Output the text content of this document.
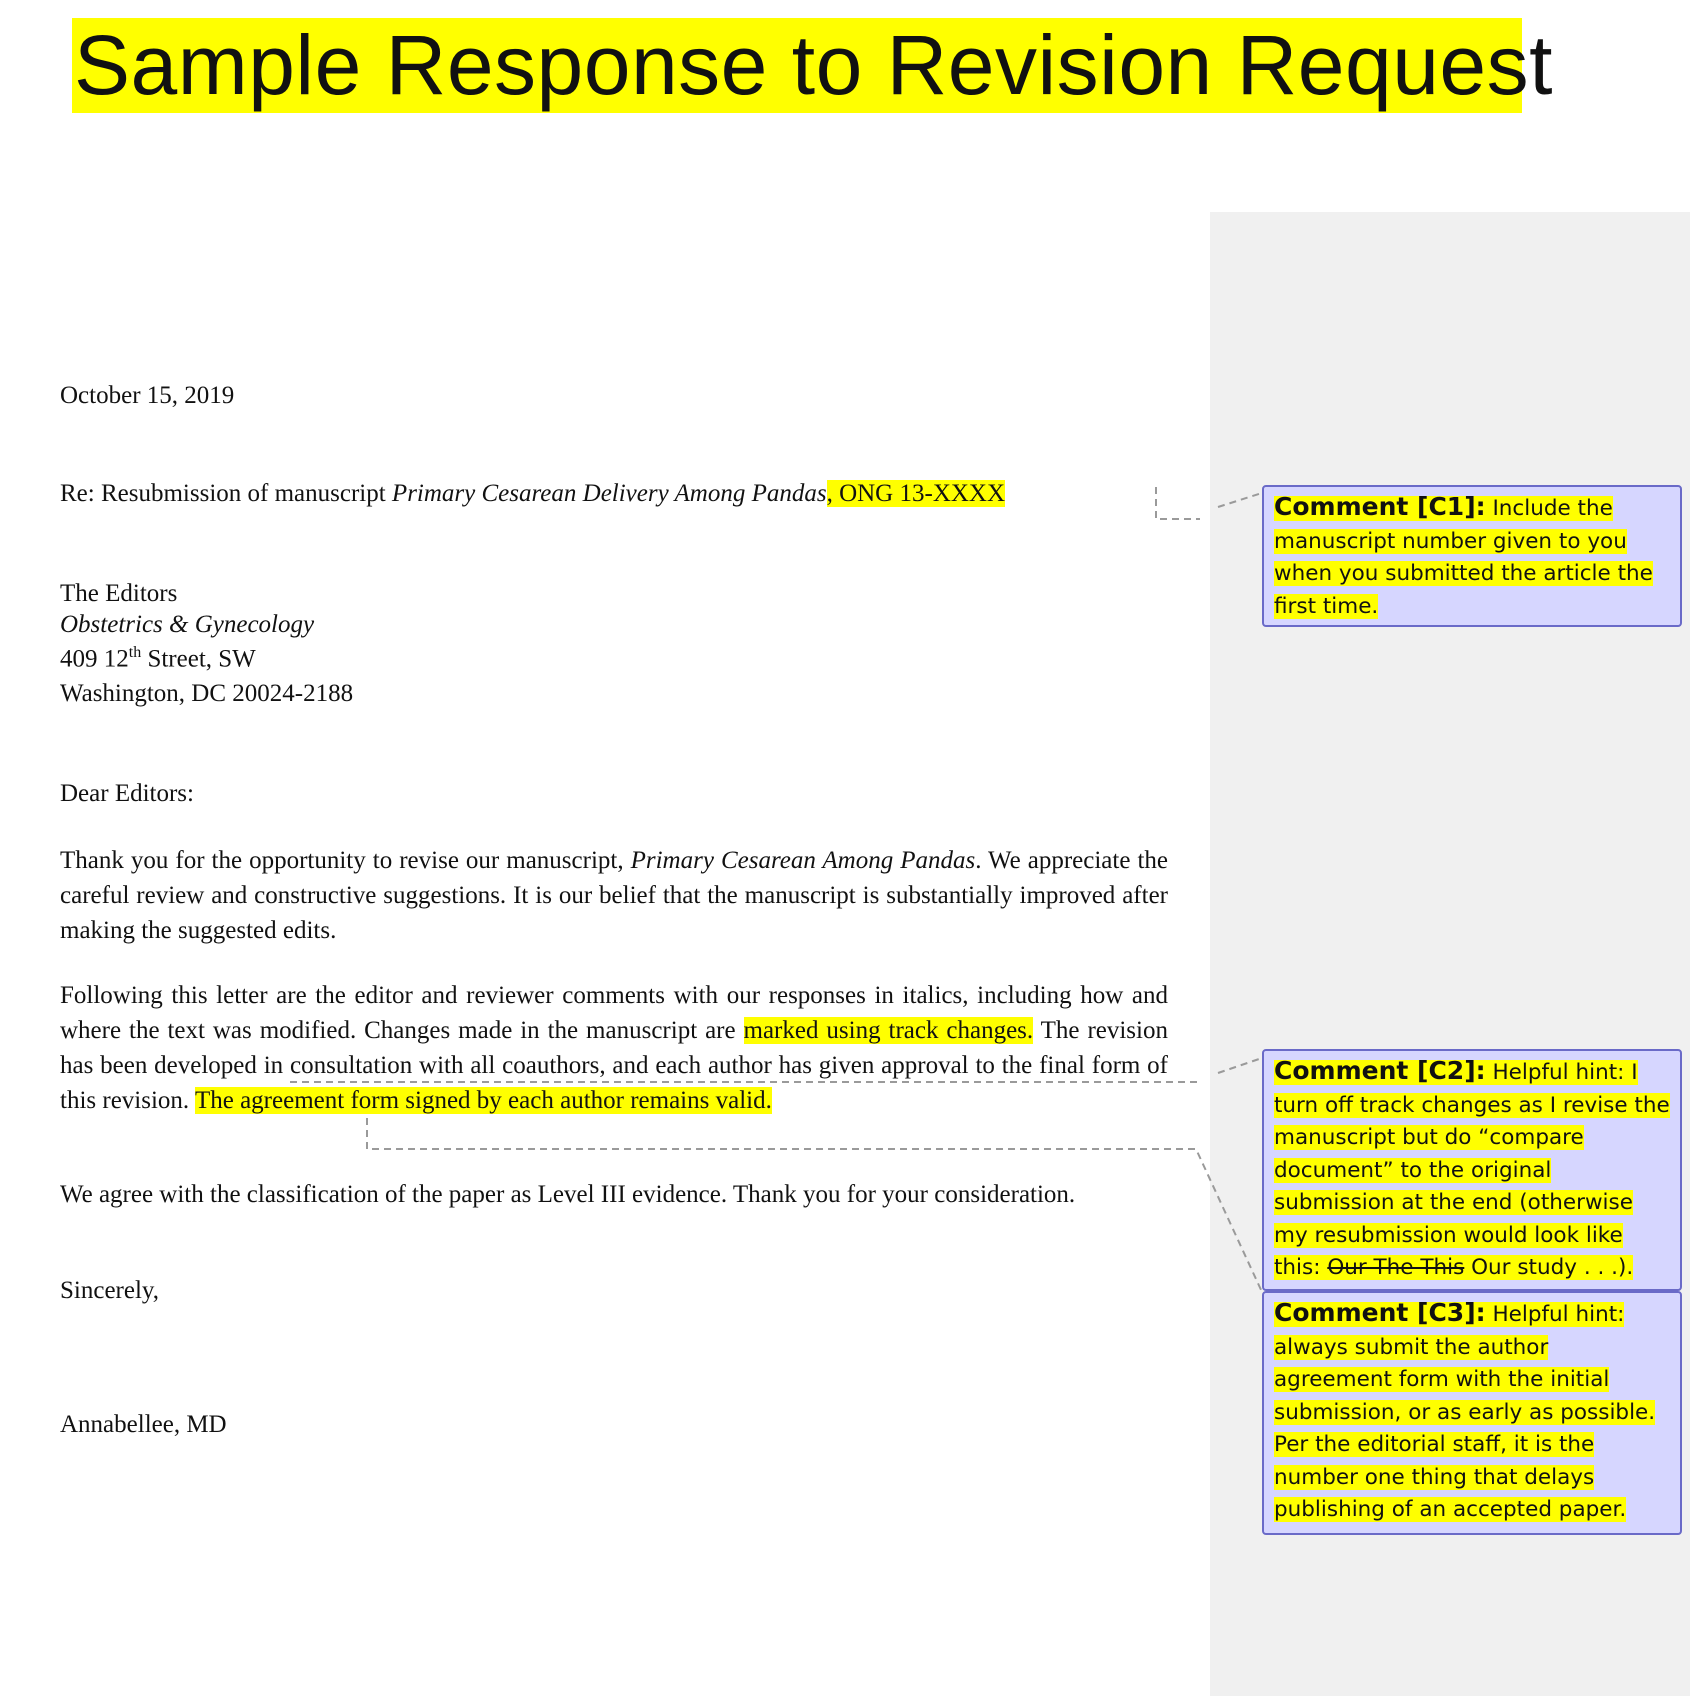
Sample Response to Revision Request
October 15, 2019
Re: Resubmission of manuscript Primary Cesarean Delivery Among Pandas, ONG 13-XXXX
The Editors
Obstetrics & Gynecology
409 12th Street, SW
Washington, DC 20024-2188
Dear Editors:

Thank you for the opportunity to revise our manuscript, Primary Cesarean Among Pandas. We appreciate the careful review and constructive suggestions. It is our belief that the manuscript is substantially improved after making the suggested edits.

Following this letter are the editor and reviewer comments with our responses in italics, including how and where the text was modified. Changes made in the manuscript are marked using track changes. The revision has been developed in consultation with all coauthors, and each author has given approval to the final form of this revision. The agreement form signed by each author remains valid.

We agree with the classification of the paper as Level III evidence. Thank you for your consideration.

Sincerely,
Annabellee, MD
Comment [C1]: Include the manuscript number given to you when you submitted the article the first time.
Comment [C2]: Helpful hint: I turn off track changes as I revise the manuscript but do “compare document” to the original submission at the end (otherwise my resubmission would look like this: Our The This Our study . . .).
Comment [C3]: Helpful hint: always submit the author agreement form with the initial submission, or as early as possible. Per the editorial staff, it is the number one thing that delays publishing of an accepted paper.
